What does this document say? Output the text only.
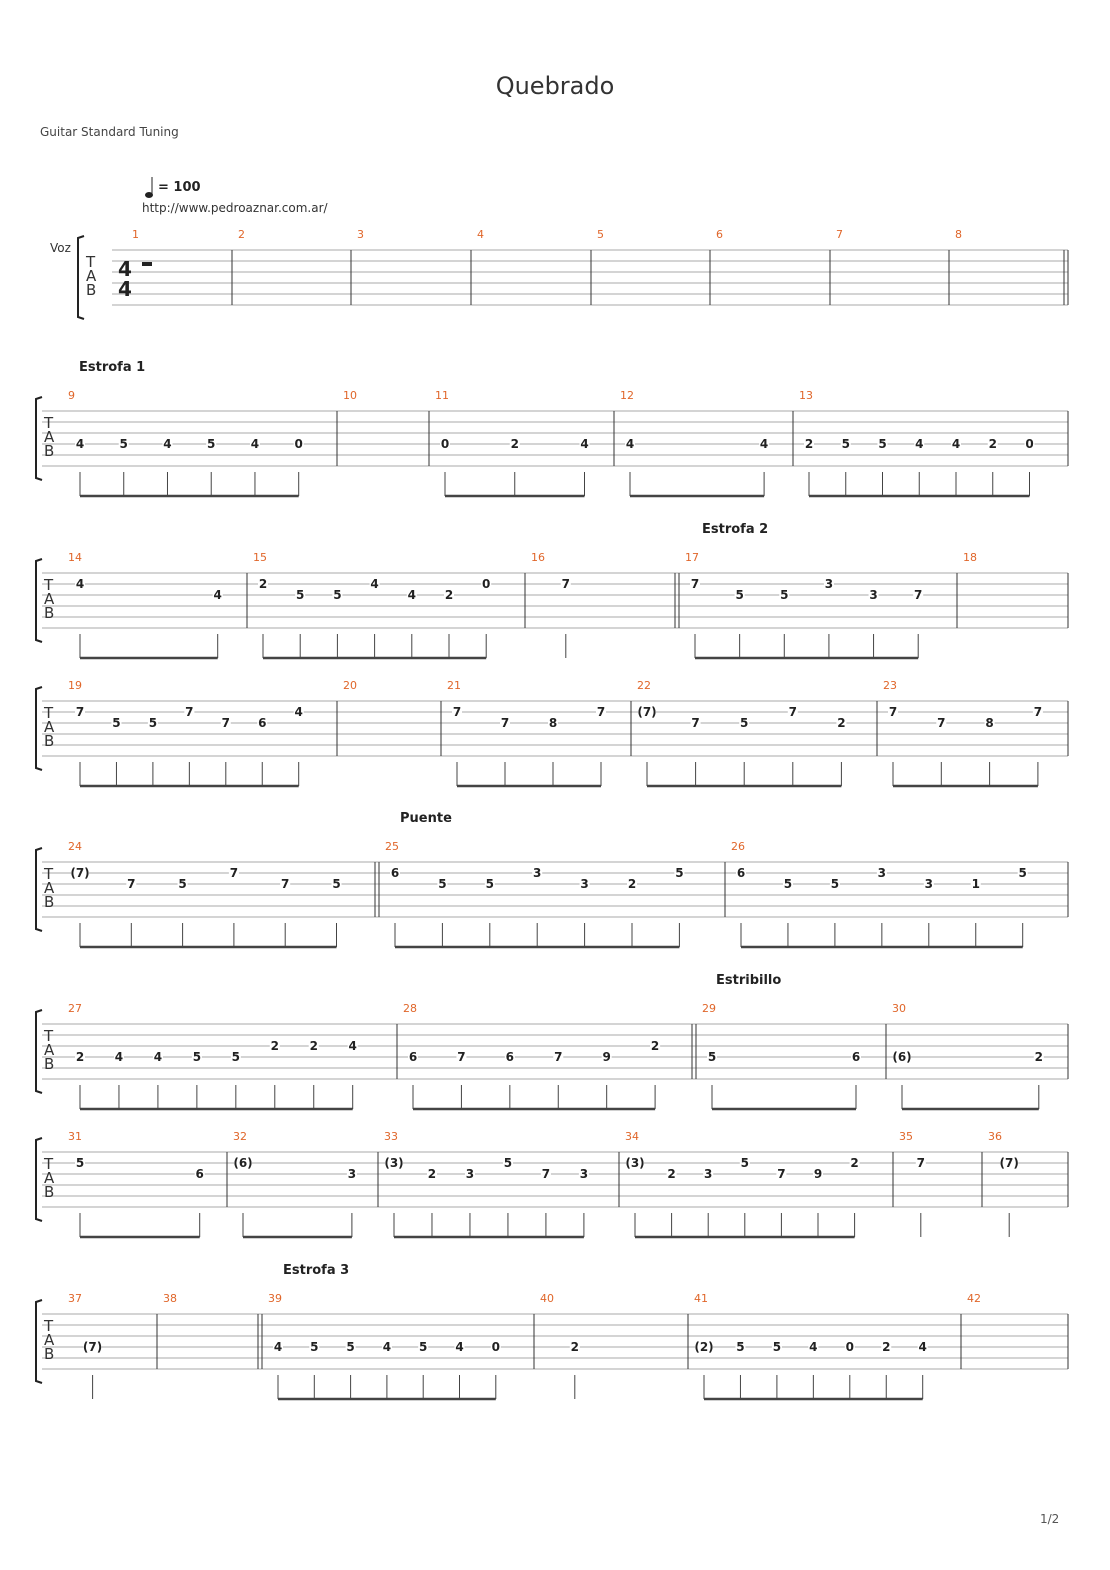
Quebrado
Guitar Standard Tuning
= 100
http://www.pedroaznar.com.ar/
Voz
1/2
T
A
B
4
4
1	2	3	4	5	6	7	8
T
A
B
Estrofa 1
9
4	5	4	5	4	0
10	11
0	2	4
12
4	4
13
2 5 5 4 4 2 0
T
A
B
Estrofa 2
14
4
4
15
2
5 5
4
4 2
0
16
7
17
7
5	5
3
3	7
18
T
A
B
19
7
5 5
7
7 6
4
20	21
7
7	8
7
22
(7)
7	5
7
2
23
7
7	8
7
T
A
B
Puente
24
(7)
7	5
7
7	5
25
6
5	5
3
3	2
5
26
6
5	5
3
3	1
5
T
A
B
Estribillo
27
2	4	4	5	5
2	2	4
28
6	7	6	7	9
2
29
5	6
30
(6)	2
T
A
B
31
5
6
32
(6)
3
33
(3)
2 3
5
7 3
34
(3)
2 3
5
7 9
2
35
7
36
(7)
T
A
B
Estrofa 3
37
(7)
38	39
4 5 5 4 5 4 0
40
2
41
(2) 5 5 4 0 2 4
42
